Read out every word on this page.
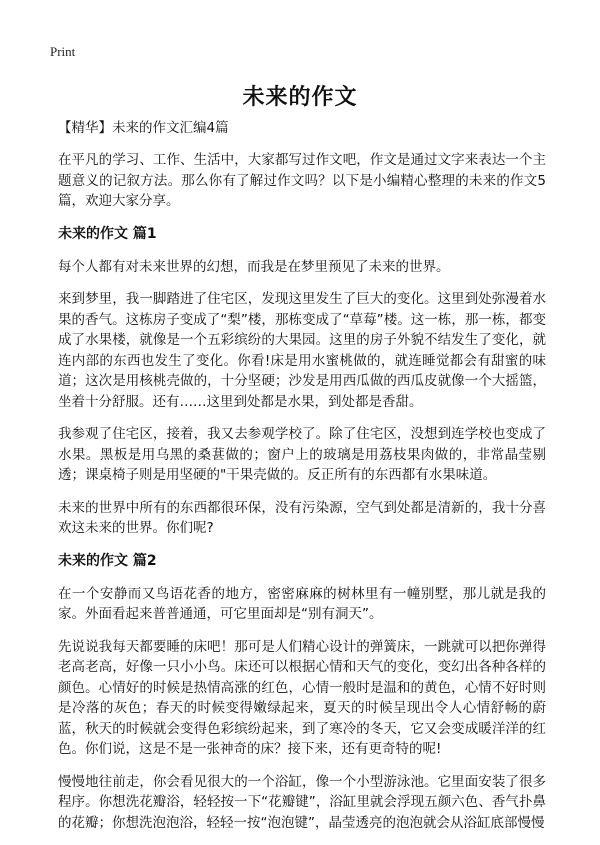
Print
未来的作文

【精华】未来的作文汇编4篇

在平凡的学习、工作、生活中，大家都写过作文吧，作文是通过文字来表达一个主题意义的记叙方法。那么你有了解过作文吗？以下是小编精心整理的未来的作文5篇，欢迎大家分享。

未来的作文 篇1

每个人都有对未来世界的幻想，而我是在梦里预见了未来的世界。

来到梦里，我一脚踏进了住宅区，发现这里发生了巨大的变化。这里到处弥漫着水果的香气。这栋房子变成了“梨”楼，那栋变成了“草莓”楼。这一栋，那一栋，都变成了水果楼，就像是一个五彩缤纷的大果园。这里的房子外貌不结发生了变化，就连内部的东西也发生了变化。你看!床是用水蜜桃做的，就连睡觉都会有甜蜜的味道；这次是用核桃壳做的，十分坚硬；沙发是用西瓜做的西瓜皮就像一个大摇篮，坐着十分舒服。还有……这里到处都是水果，到处都是香甜。

我参观了住宅区，接着，我又去参观学校了。除了住宅区，没想到连学校也变成了水果。黑板是用乌黑的桑葚做的；窗户上的玻璃是用荔枝果肉做的，非常晶莹剔透；课桌椅子则是用坚硬的"干果壳做的。反正所有的东西都有水果味道。

未来的世界中所有的东西都很环保，没有污染源，空气到处都是清新的，我十分喜欢这未来的世界。你们呢?

未来的作文 篇2

在一个安静而又鸟语花香的地方，密密麻麻的树林里有一幢别墅，那儿就是我的家。外面看起来普普通通，可它里面却是“别有洞天”。

先说说我每天都要睡的床吧！那可是人们精心设计的弹簧床，一跳就可以把你弹得老高老高，好像一只小小鸟。床还可以根据心情和天气的变化，变幻出各种各样的颜色。心情好的时候是热情高涨的红色，心情一般时是温和的黄色，心情不好时则是冷落的灰色；春天的时候变得嫩绿起来，夏天的时候呈现出令人心情舒畅的蔚蓝，秋天的时候就会变得色彩缤纷起来，到了寒冷的冬天，它又会变成暖洋洋的红色。你们说，这是不是一张神奇的床？接下来，还有更奇特的呢!

慢慢地往前走，你会看见很大的一个浴缸，像一个小型游泳池。它里面安装了很多程序。你想洗花瓣浴，轻轻按一下“花瓣键”，浴缸里就会浮现五颜六色、香气扑鼻的花瓣；你想洗泡泡浴，轻轻一按“泡泡键”，晶莹透亮的泡泡就会从浴缸底部慢慢
